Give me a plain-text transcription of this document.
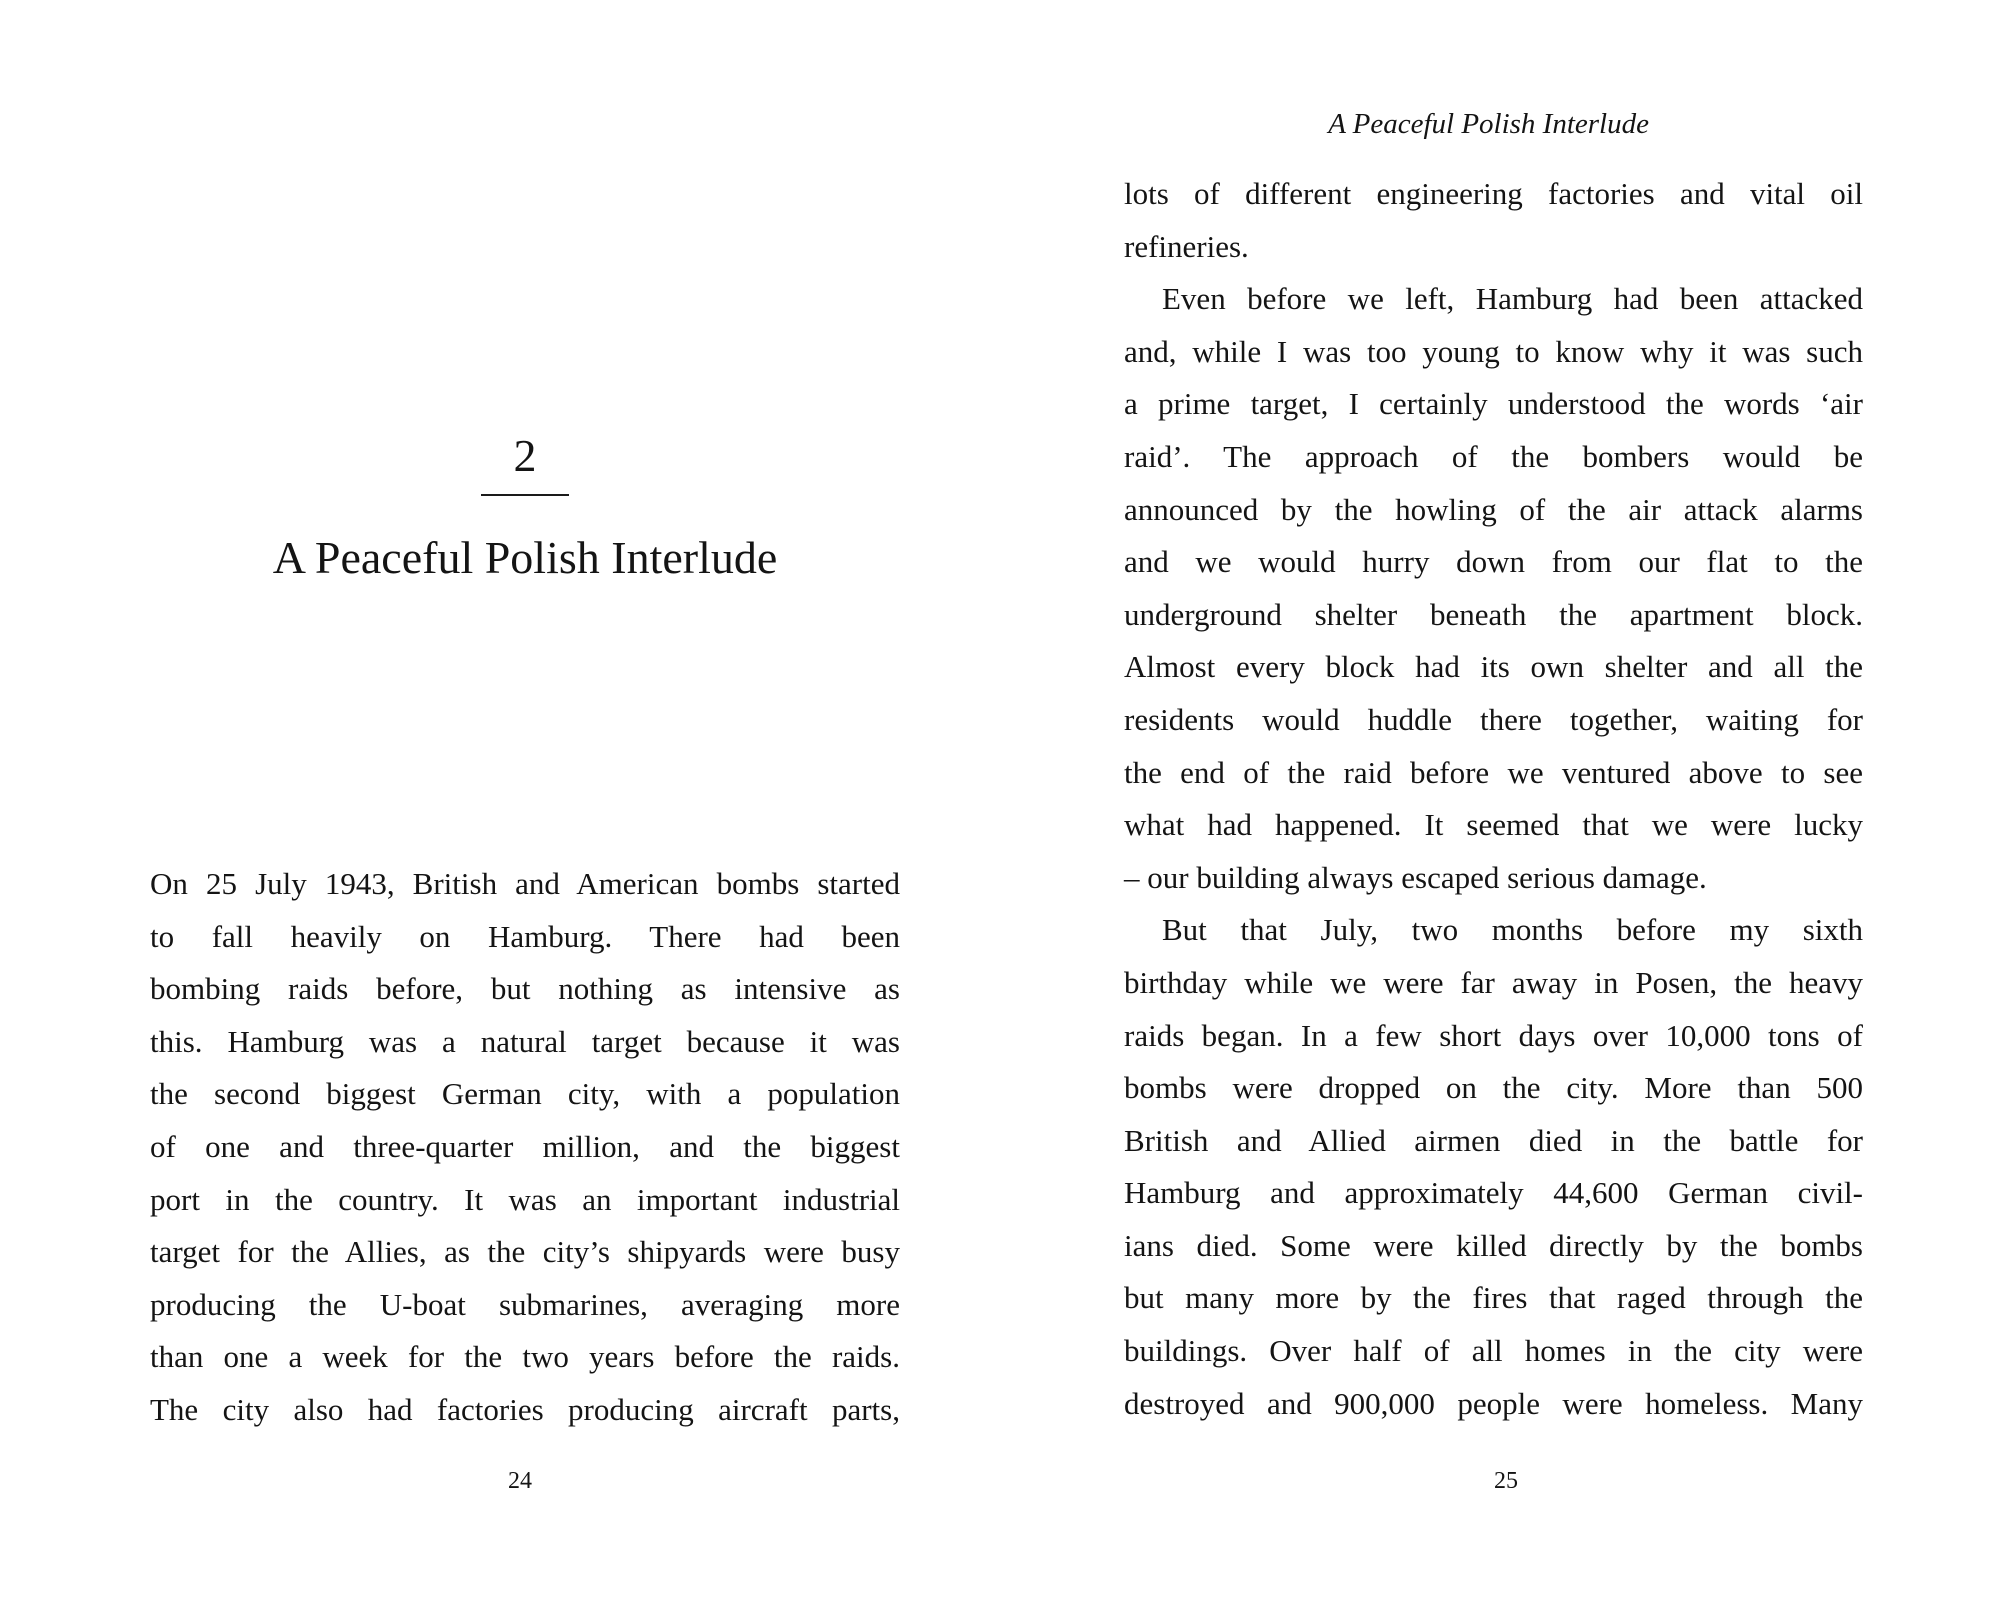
2
A Peaceful Polish Interlude
On 25 July 1943, British and American bombs started
to fall heavily on Hamburg. There had been
bombing raids before, but nothing as intensive as
this. Hamburg was a natural target because it was
the second biggest German city, with a population
of one and three-quarter million, and the biggest
port in the country. It was an important industrial
target for the Allies, as the city’s shipyards were busy
producing the U-boat submarines, averaging more
than one a week for the two years before the raids.
The city also had factories producing aircraft parts,
24
A Peaceful Polish Interlude
lots of different engineering factories and vital oil
refineries.
Even before we left, Hamburg had been attacked
and, while I was too young to know why it was such
a prime target, I certainly understood the words ‘air
raid’. The approach of the bombers would be
announced by the howling of the air attack alarms
and we would hurry down from our flat to the
underground shelter beneath the apartment block.
Almost every block had its own shelter and all the
residents would huddle there together, waiting for
the end of the raid before we ventured above to see
what had happened. It seemed that we were lucky
– our building always escaped serious damage.
But that July, two months before my sixth
birthday while we were far away in Posen, the heavy
raids began. In a few short days over 10,000 tons of
bombs were dropped on the city. More than 500
British and Allied airmen died in the battle for
Hamburg and approximately 44,600 German civil-
ians died. Some were killed directly by the bombs
but many more by the fires that raged through the
buildings. Over half of all homes in the city were
destroyed and 900,000 people were homeless. Many
25
